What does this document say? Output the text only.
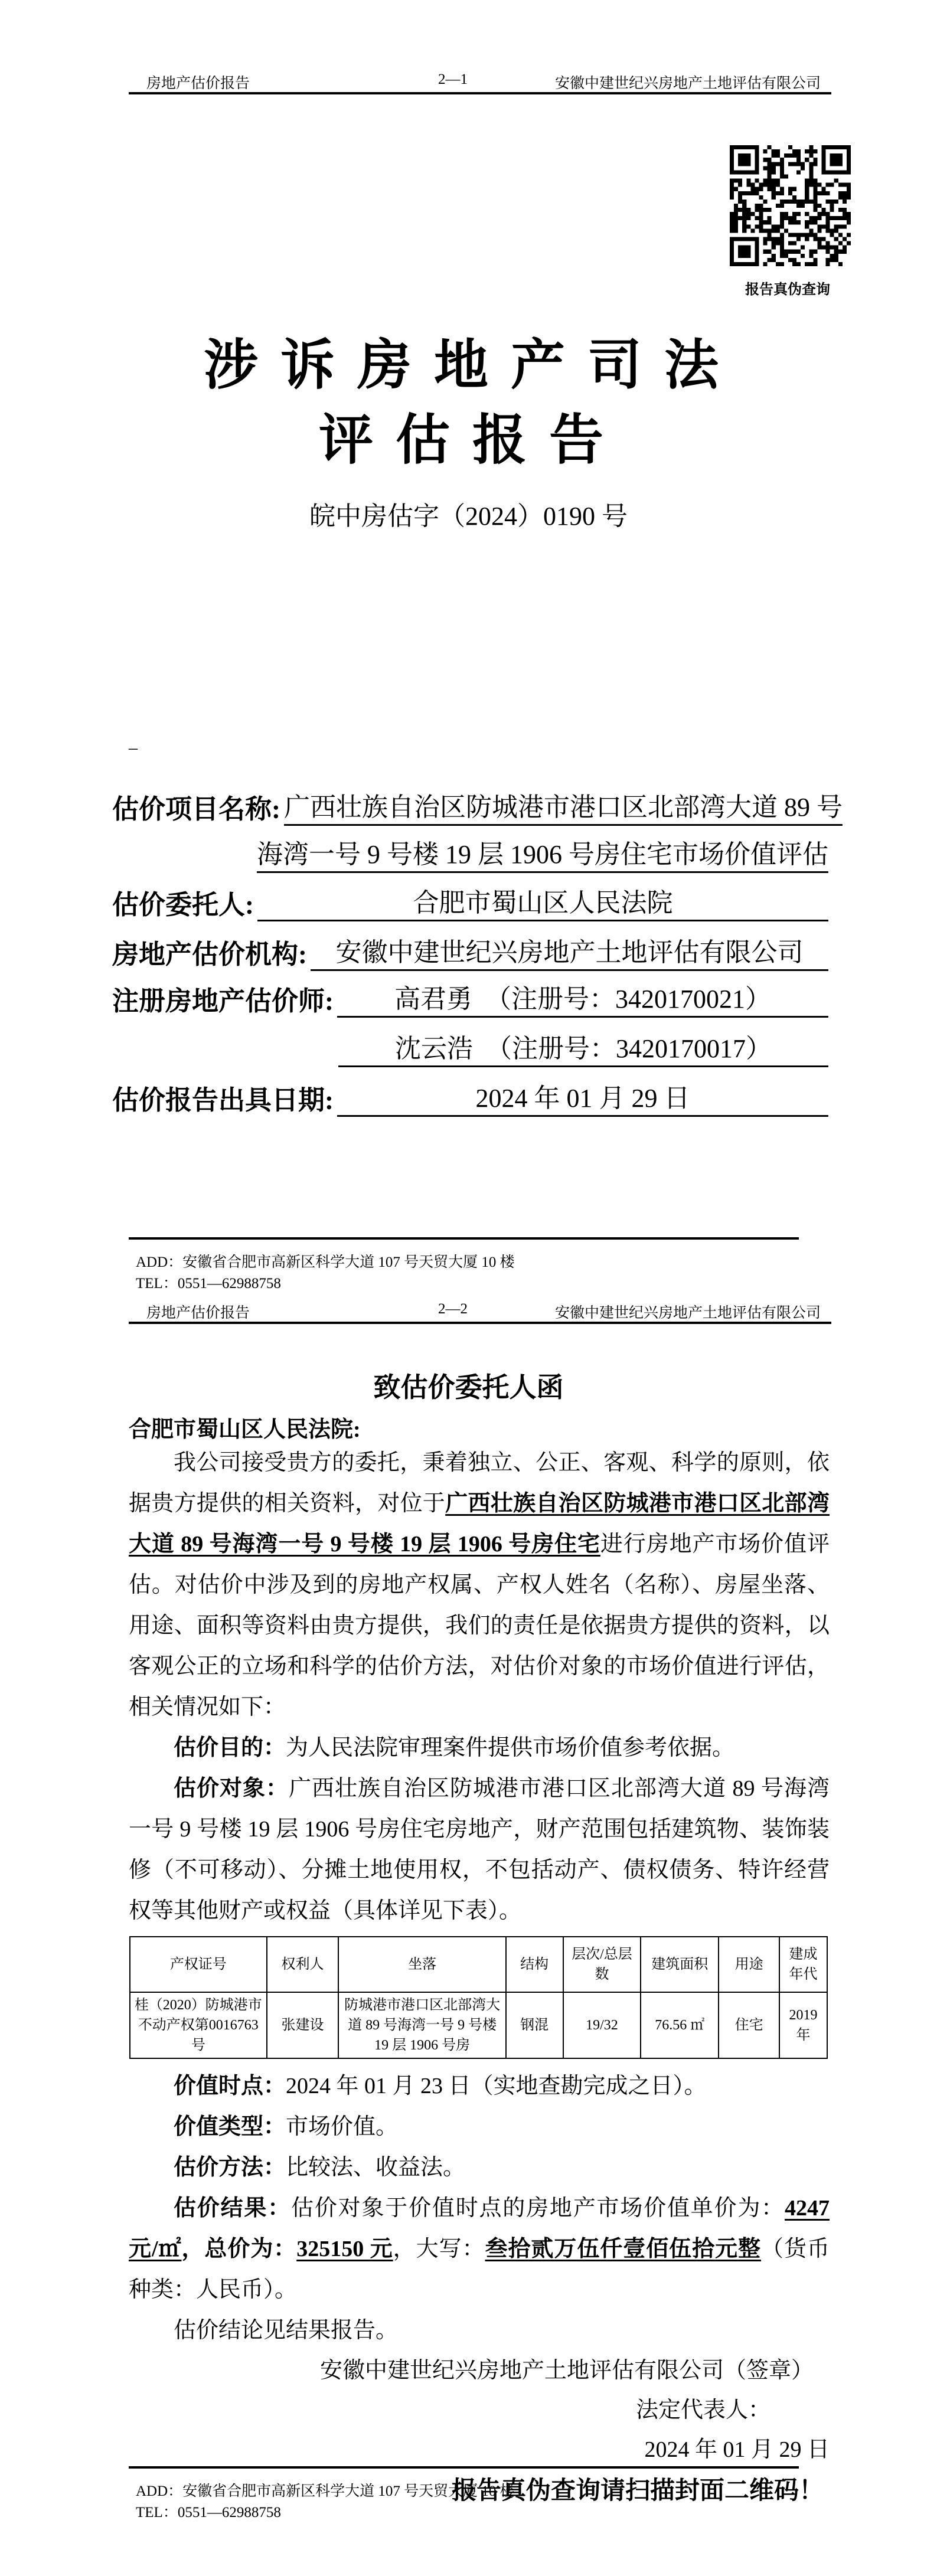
房地产估价报告	2—1	安徽中建世纪兴房地产土地评估有限公司
报告真伪查询
涉诉房地产司法
评估报告
皖中房估字（2024）0190 号
–
估价项目名称: 广西壮族自治区防城港市港口区北部湾大道 89 号
海湾一号 9 号楼 19 层 1906 号房住宅市场价值评估
估价委托人:	合肥市蜀山区人民法院
房地产估价机构:	安徽中建世纪兴房地产土地评估有限公司
注册房地产估价师:	高君勇　（注册号：3420170021）
沈云浩　（注册号：3420170017）
估价报告出具日期:	2024 年 01 月 29 日
ADD：安徽省合肥市高新区科学大道 107 号天贸大厦 10 楼
TEL：0551—62988758
房地产估价报告	2—2	安徽中建世纪兴房地产土地评估有限公司
致估价委托人函
合肥市蜀山区人民法院:

我公司接受贵方的委托，秉着独立、公正、客观、科学的原则，依据贵方提供的相关资料，对位于广西壮族自治区防城港市港口区北部湾大道 89 号海湾一号 9 号楼 19 层 1906 号房住宅进行房地产市场价值评估。对估价中涉及到的房地产权属、产权人姓名（名称）、房屋坐落、用途、面积等资料由贵方提供，我们的责任是依据贵方提供的资料，以客观公正的立场和科学的估价方法，对估价对象的市场价值进行评估，相关情况如下：

估价目的：为人民法院审理案件提供市场价值参考依据。

估价对象：广西壮族自治区防城港市港口区北部湾大道 89 号海湾一号 9 号楼 19 层 1906 号房住宅房地产，财产范围包括建筑物、装饰装修（不可移动）、分摊土地使用权，不包括动产、债权债务、特许经营权等其他财产或权益（具体详见下表）。

产权证号	权利人	坐落	结构	层次/总层数	建筑面积	用途	建成年代
桂（2020）防城港市不动产权第0016763号	张建设	防城港市港口区北部湾大道 89 号海湾一号 9 号楼 19 层 1906 号房	钢混	19/32	76.56 ㎡	住宅	2019年

价值时点：2024 年 01 月 23 日（实地查勘完成之日）。

价值类型：市场价值。

估价方法：比较法、收益法。

估价结果：估价对象于价值时点的房地产市场价值单价为：4247 元/㎡，总价为：325150 元，大写：叁拾贰万伍仟壹佰伍拾元整（货币种类：人民币）。

估价结论见结果报告。

安徽中建世纪兴房地产土地评估有限公司（签章）
法定代表人：
2024 年 01 月 29 日
报告真伪查询请扫描封面二维码！
ADD：安徽省合肥市高新区科学大道 107 号天贸大厦 10 楼
TEL：0551—62988758
